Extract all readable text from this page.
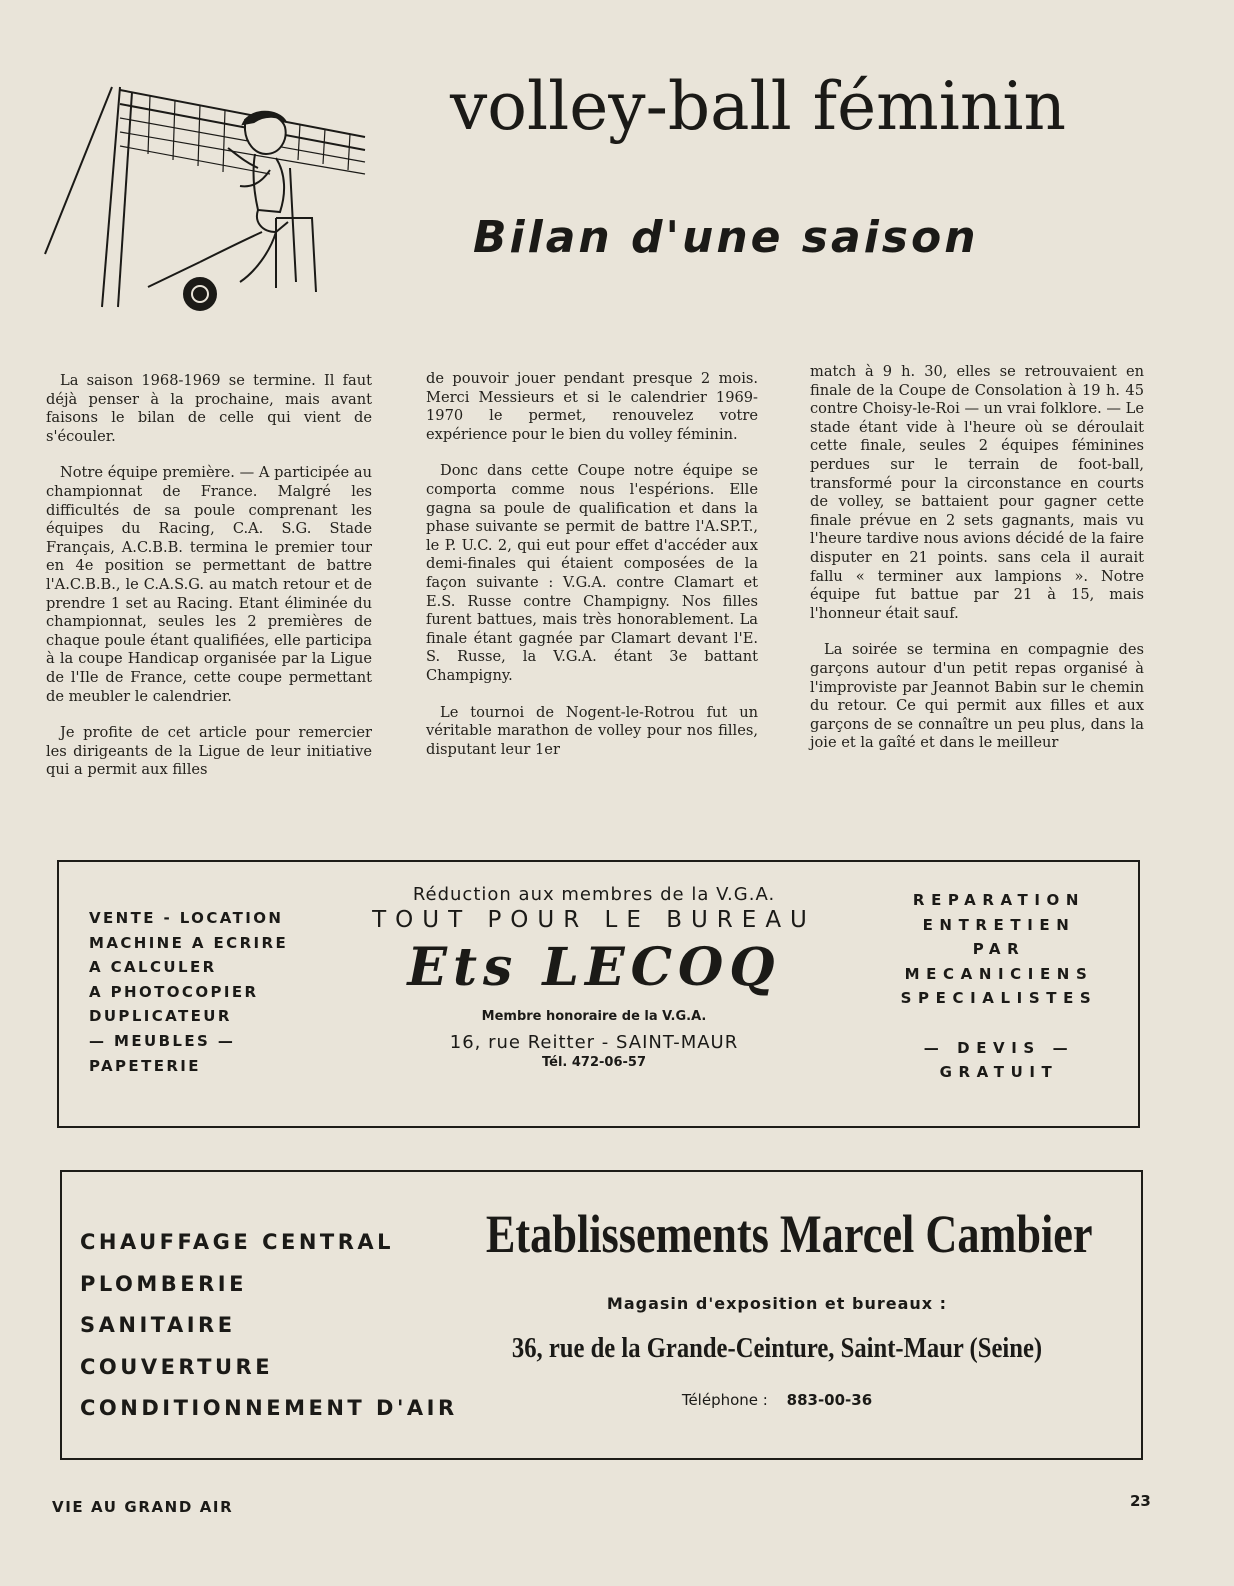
volley-ball féminin
Bilan d'une saison

La saison 1968-1969 se termine. Il faut déjà penser à la prochaine, mais avant faisons le bilan de celle qui vient de s'écouler.

Notre équipe première. — A participée au championnat de France. Malgré les difficultés de sa poule comprenant les équipes du Racing, C.A. S.G. Stade Français, A.C.B.B. termina le premier tour en 4e position se permettant de battre l'A.C.B.B., le C.A.S.G. au match retour et de prendre 1 set au Racing. Etant éliminée du championnat, seules les 2 premières de chaque poule étant qualifiées, elle participa à la coupe Handicap organisée par la Ligue de l'Ile de France, cette coupe permettant de meubler le calendrier.

Je profite de cet article pour remercier les dirigeants de la Ligue de leur initiative qui a permit aux filles

de pouvoir jouer pendant presque 2 mois. Merci Messieurs et si le calendrier 1969-1970 le permet, renouvelez votre expérience pour le bien du volley féminin.

Donc dans cette Coupe notre équipe se comporta comme nous l'espérions. Elle gagna sa poule de qualification et dans la phase suivante se permit de battre l'A.SP.T., le P. U.C. 2, qui eut pour effet d'accéder aux demi-finales qui étaient composées de la façon suivante : V.G.A. contre Clamart et E.S. Russe contre Champigny. Nos filles furent battues, mais très honorablement. La finale étant gagnée par Clamart devant l'E. S. Russe, la V.G.A. étant 3e battant Champigny.

Le tournoi de Nogent-le-Rotrou fut un véritable marathon de volley pour nos filles, disputant leur 1er

match à 9 h. 30, elles se retrouvaient en finale de la Coupe de Consolation à 19 h. 45 contre Choisy-le-Roi — un vrai folklore. — Le stade étant vide à l'heure où se déroulait cette finale, seules 2 équipes féminines perdues sur le terrain de foot-ball, transformé pour la circonstance en courts de volley, se battaient pour gagner cette finale prévue en 2 sets gagnants, mais vu l'heure tardive nous avions décidé de la faire disputer en 21 points. sans cela il aurait fallu « terminer aux lampions ». Notre équipe fut battue par 21 à 15, mais l'honneur était sauf.

La soirée se termina en compagnie des garçons autour d'un petit repas organisé à l'improviste par Jeannot Babin sur le chemin du retour. Ce qui permit aux filles et aux garçons de se connaître un peu plus, dans la joie et la gaîté et dans le meilleur

VENTE - LOCATION
MACHINE A ECRIRE
A CALCULER
A PHOTOCOPIER
DUPLICATEUR
— MEUBLES —
PAPETERIE
Réduction aux membres de la V.G.A.
TOUT POUR LE BUREAU
Ets LECOQ
Membre honoraire de la V.G.A.
16, rue Reitter - SAINT-MAUR
Tél. 472-06-57
REPARATION
ENTRETIEN
PAR
MECANICIENS
SPECIALISTES

— DEVIS —
GRATUIT
CHAUFFAGE CENTRAL
PLOMBERIE
SANITAIRE
COUVERTURE
CONDITIONNEMENT D'AIR
Etablissements Marcel Cambier
Magasin d'exposition et bureaux :
36, rue de la Grande-Ceinture, Saint-Maur (Seine)
Téléphone : 883-00-36
VIE AU GRAND AIR	23
